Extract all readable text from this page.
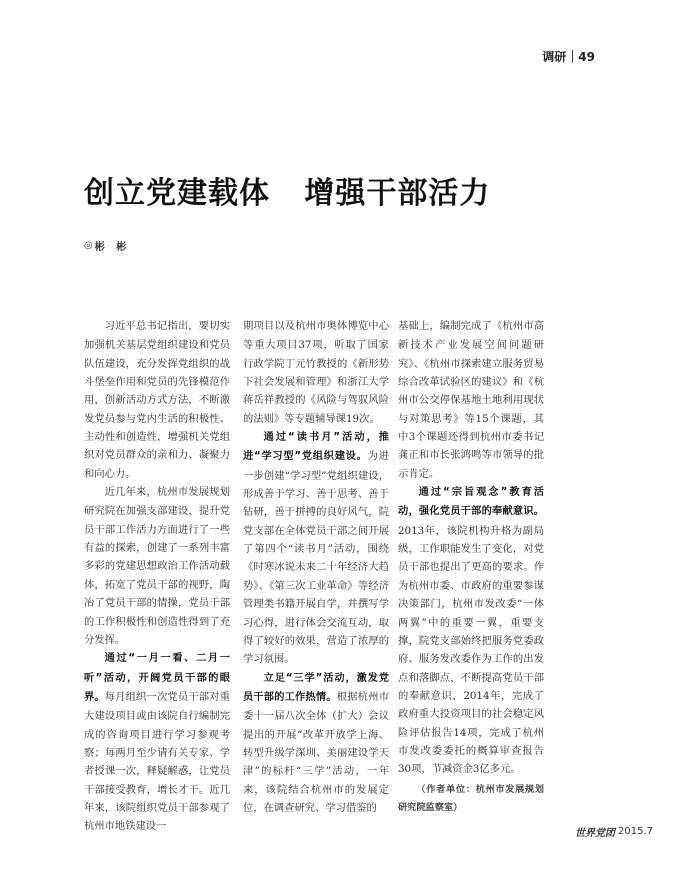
调研 49
创立党建载体   增强干部活力
◎ 彬 彬

习近平总书记指出，要切实加强机关基层党组织建设和党员队伍建设，充分发挥党组织的战斗堡垒作用和党员的先锋模范作用，创新活动方式方法，不断激发党员参与党内生活的积极性、主动性和创造性，增强机关党组织对党员群众的亲和力、凝聚力和向心力。

近几年来，杭州市发展规划研究院在加强支部建设，提升党员干部工作活力方面进行了一些有益的探索，创建了一系列丰富多彩的党建思想政治工作活动载体，拓宽了党员干部的视野，陶冶了党员干部的情操，党员干部的工作积极性和创造性得到了充分发挥。

通过“一月一看、二月一听”活动，开阔党员干部的眼界。每月组织一次党员干部对重大建设项目或由该院自行编制完成的咨询项目进行学习参观考察；每两月至少请有关专家、学者授课一次，释疑解惑，让党员干部接受教育，增长才干。近几年来，该院组织党员干部参观了杭州市地铁建设一

期项目以及杭州市奥体博览中心等重大项目37项，听取了国家行政学院丁元竹教授的《新形势下社会发展和管理》和浙江大学蒋岳祥教授的《风险与驾驭风险的法则》等专题辅导课19次。

通过“读书月”活动，推进“学习型”党组织建设。为进一步创建“学习型”党组织建设，形成善于学习、善于思考、善于钻研，善于拼搏的良好风气，院党支部在全体党员干部之间开展了第四个“读书月”活动，围绕《时寒冰说未来二十年经济大趋势》、《第三次工业革命》等经济管理类书籍开展自学，并撰写学习心得，进行体会交流互动，取得了较好的效果，营造了浓厚的学习氛围。

立足“三学”活动，激发党员干部的工作热情。根据杭州市委十一届八次全体（扩大）会议提出的开展“改革开放学上海、转型升级学深圳、美丽建设学天津”的标杆“三学”活动，一年来，该院结合杭州市的发展定位，在调查研究、学习借鉴的

基础上，编制完成了《杭州市高新技术产业发展空间问题研究》、《杭州市探索建立服务贸易综合改革试验区的建议》和《杭州市公交停保基地土地利用现状与对策思考》等15个课题，其中3个课题还得到杭州市委书记龚正和市长张鸿鸣等市领导的批示肯定。

通过“宗旨观念”教育活动，强化党员干部的奉献意识。2013年，该院机构升格为副局级，工作职能发生了变化，对党员干部也提出了更高的要求。作为杭州市委、市政府的重要参谋决策部门，杭州市发改委“一体两翼”中的重要一翼，重要支撑，院党支部始终把服务党委政府、服务发改委作为工作的出发点和落脚点，不断提高党员干部的奉献意识，2014年，完成了政府重大投资项目的社会稳定风险评估报告14项，完成了杭州市发改委委托的概算审查报告30项，节减资金3亿多元。

（作者单位：杭州市发展规划研究院监察室）

世界党团 2015.7
